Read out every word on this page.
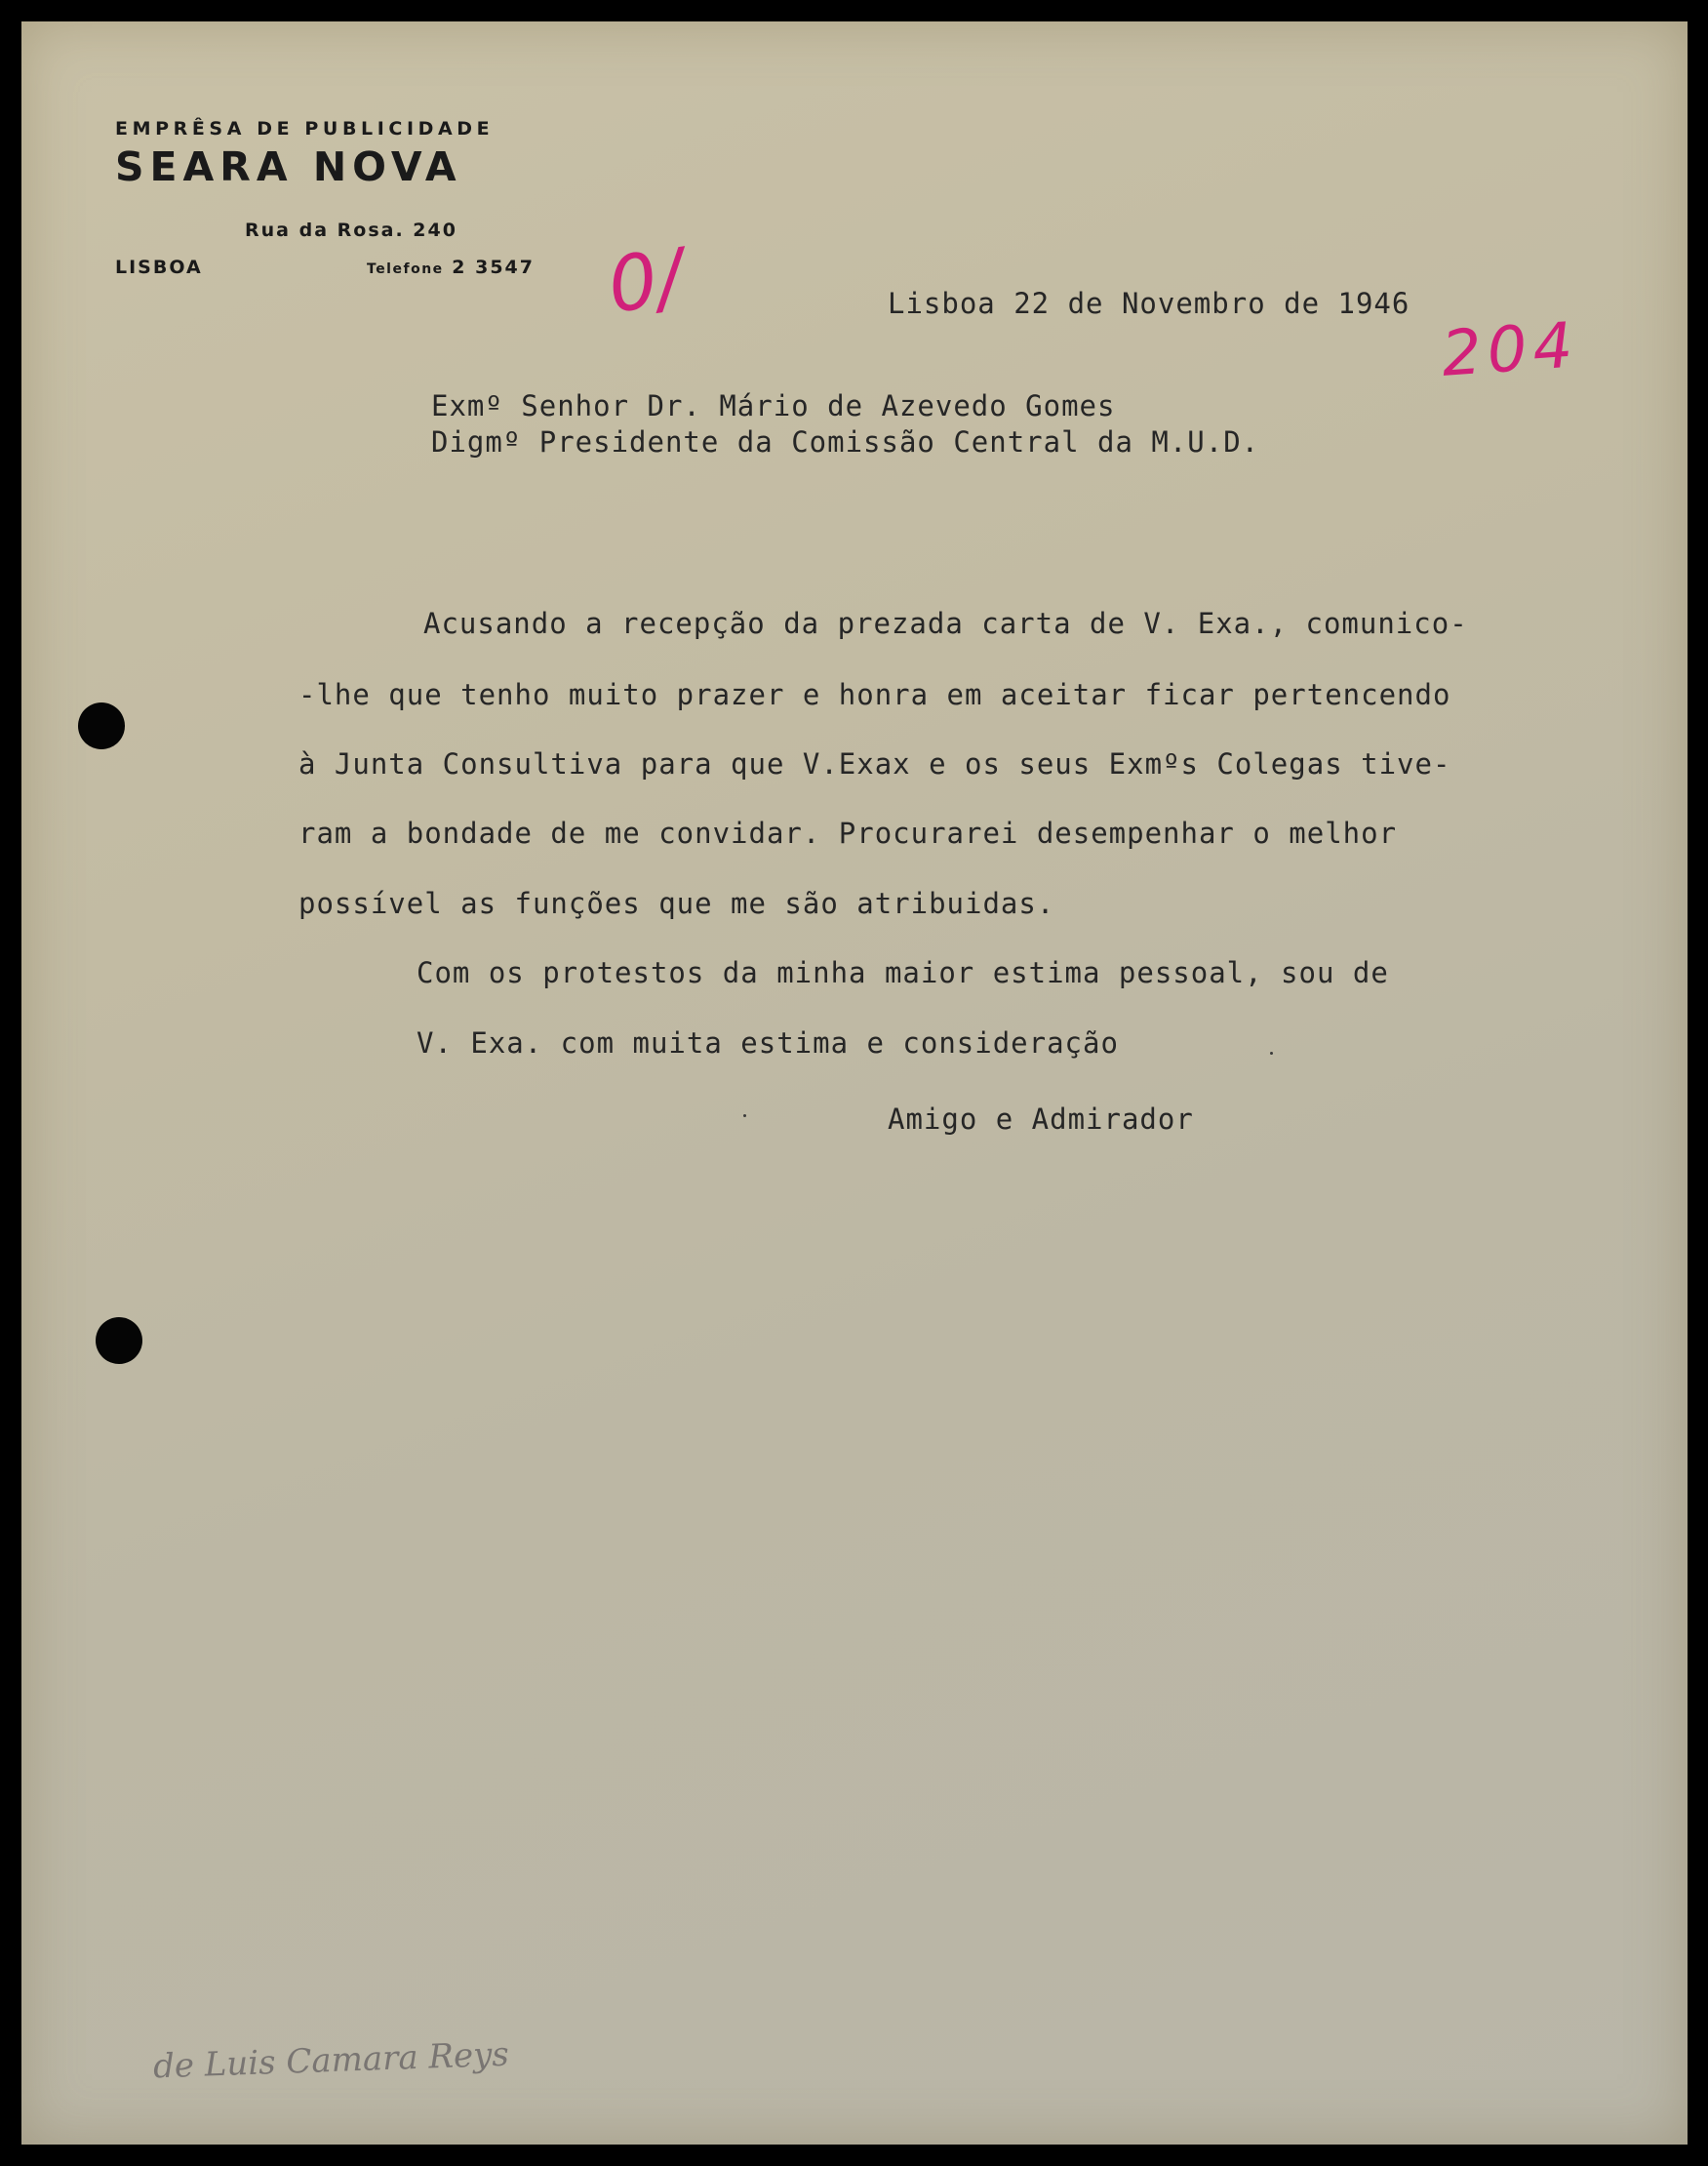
EMPRÊSA DE PUBLICIDADE
SEARA NOVA
Rua da Rosa. 240
LISBOA	Telefone 2 3547 0/
204
Lisboa 22 de Novembro de 1946
Exmº Senhor Dr. Mário de Azevedo Gomes
Digmº Presidente da Comissão Central da M.U.D.
Acusando a recepção da prezada carta de V. Exa., comunico-
-lhe que tenho muito prazer e honra em aceitar ficar pertencendo
à Junta Consultiva para que V.Exax e os seus Exmºs Colegas tive-
ram a bondade de me convidar. Procurarei desempenhar o melhor
possível as funções que me são atribuidas.
Com os protestos da minha maior estima pessoal, sou de
V. Exa. com muita estima e consideração
Amigo e Admirador
de Luis Camara Reys
